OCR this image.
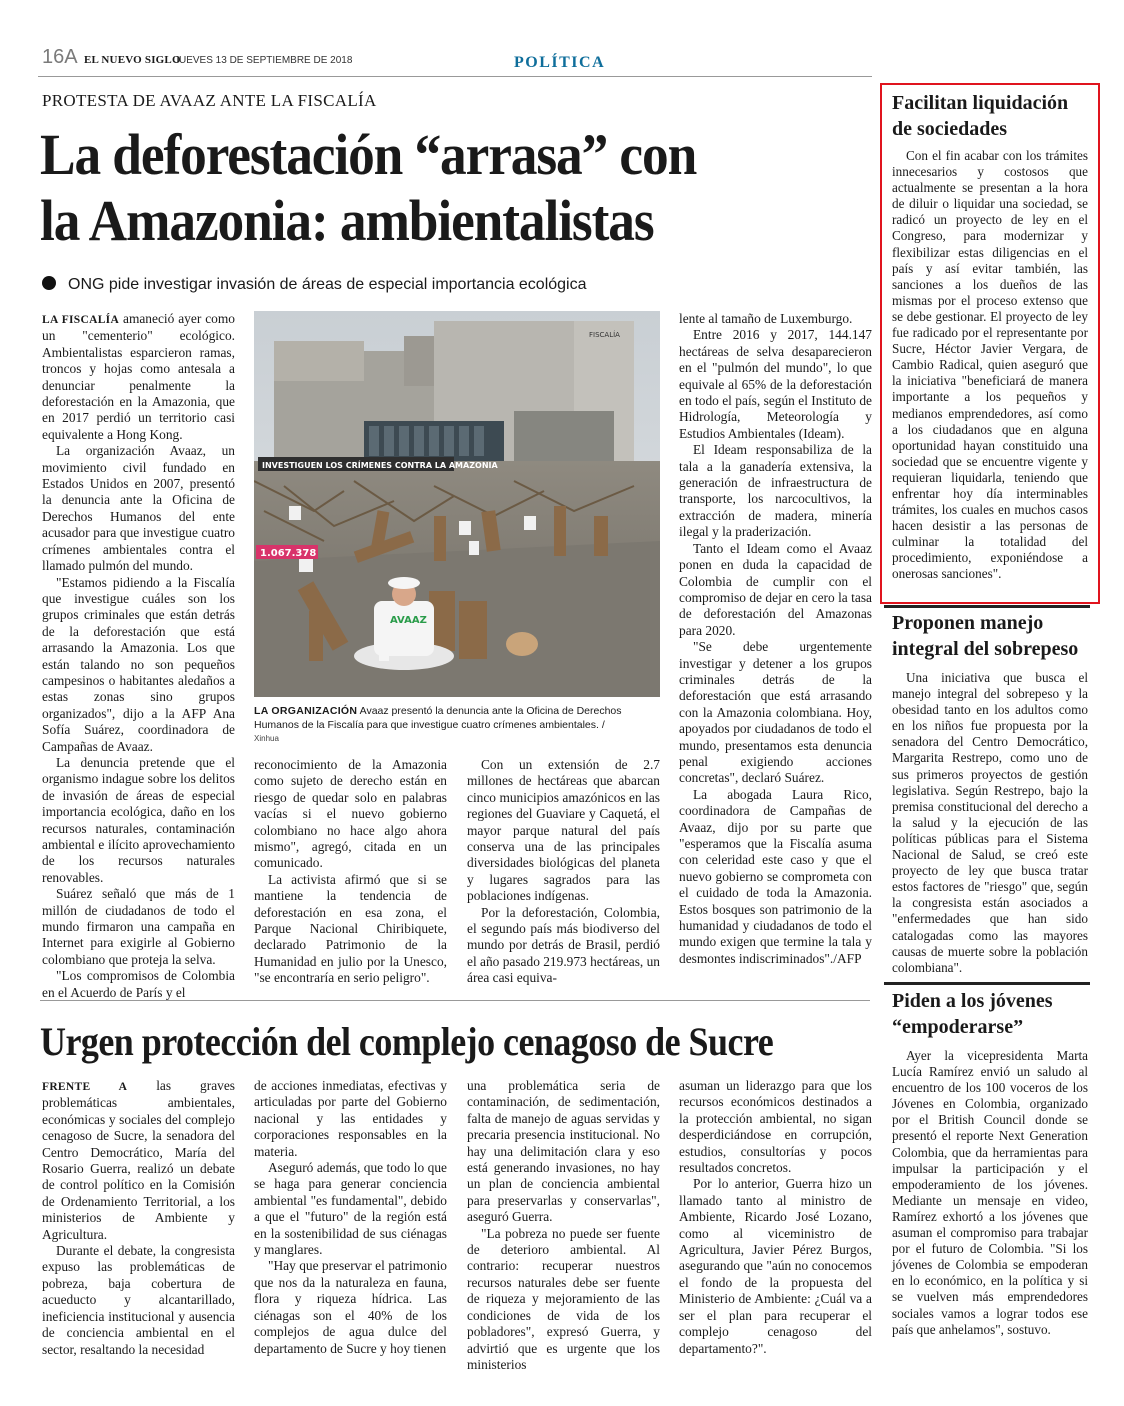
16A EL NUEVO SIGLO
JUEVES 13 DE SEPTIEMBRE DE 2018	POLÍTICA
PROTESTA DE AVAAZ ANTE LA FISCALÍA
La deforestación “arrasa” con
la Amazonia: ambientalistas
ONG pide investigar invasión de áreas de especial importancia ecológica

LA FISCALÍA amaneció ayer como un "cementerio" ecológico. Ambientalistas esparcieron ramas, troncos y hojas como antesala a denunciar penalmente la deforestación en la Amazonia, que en 2017 perdió un territorio casi equivalente a Hong Kong.

La organización Avaaz, un movimiento civil fundado en Estados Unidos en 2007, presentó la denuncia ante la Oficina de Derechos Humanos del ente acusador para que investigue cuatro crímenes ambientales contra el llamado pulmón del mundo.

"Estamos pidiendo a la Fiscalía que investigue cuáles son los grupos criminales que están detrás de la deforestación que está arrasando la Amazonia. Los que están talando no son pequeños campesinos o habitantes aledaños a estas zonas sino grupos organizados", dijo a la AFP Ana Sofía Suárez, coordinadora de Campañas de Avaaz.

La denuncia pretende que el organismo indague sobre los delitos de invasión de áreas de especial importancia ecológica, daño en los recursos naturales, contaminación ambiental e ilícito aprovechamiento de los recursos naturales renovables.

Suárez señaló que más de 1 millón de ciudadanos de todo el mundo firmaron una campaña en Internet para exigirle al Gobierno colombiano que proteja la selva.

"Los compromisos de Colombia en el Acuerdo de París y el

FISCALÍA
INVESTIGUEN LOS CRÍMENES CONTRA LA AMAZONIA
1.067.378
AVAAZ
LA ORGANIZACIÓN Avaaz presentó la denuncia ante la Oficina de Derechos Humanos de la Fiscalía para que investigue cuatro crímenes ambientales. /
Xinhua

reconocimiento de la Amazonia como sujeto de derecho están en riesgo de quedar solo en palabras vacías si el nuevo gobierno colombiano no hace algo ahora mismo", agregó, citada en un comunicado.

La activista afirmó que si se mantiene la tendencia de deforestación en esa zona, el Parque Nacional Chiribiquete, declarado Patrimonio de la Humanidad en julio por la Unesco, "se encontraría en serio peligro".

Con un extensión de 2.7 millones de hectáreas que abarcan cinco municipios amazónicos en las regiones del Guaviare y Caquetá, el mayor parque natural del país conserva una de las principales diversidades biológicas del planeta y lugares sagrados para las poblaciones indígenas.

Por la deforestación, Colombia, el segundo país más biodiverso del mundo por detrás de Brasil, perdió el año pasado 219.973 hectáreas, un área casi equiva-

lente al tamaño de Luxemburgo.

Entre 2016 y 2017, 144.147 hectáreas de selva desaparecieron en el "pulmón del mundo", lo que equivale al 65% de la deforestación en todo el país, según el Instituto de Hidrología, Meteorología y Estudios Ambientales (Ideam).

El Ideam responsabiliza de la tala a la ganadería extensiva, la generación de infraestructura de transporte, los narcocultivos, la extracción de madera, minería ilegal y la praderización.

Tanto el Ideam como el Avaaz ponen en duda la capacidad de Colombia de cumplir con el compromiso de dejar en cero la tasa de deforestación del Amazonas para 2020.

"Se debe urgentemente investigar y detener a los grupos criminales detrás de la deforestación que está arrasando con la Amazonia colombiana. Hoy, apoyados por ciudadanos de todo el mundo, presentamos esta denuncia penal exigiendo acciones concretas", declaró Suárez.

La abogada Laura Rico, coordinadora de Campañas de Avaaz, dijo por su parte que "esperamos que la Fiscalía asuma con celeridad este caso y que el nuevo gobierno se comprometa con el cuidado de toda la Amazonia. Estos bosques son patrimonio de la humanidad y ciudadanos de todo el mundo exigen que termine la tala y desmontes indiscriminados"./AFP

Urgen protección del complejo cenagoso de Sucre

FRENTE A las graves problemáticas ambientales, económicas y sociales del complejo cenagoso de Sucre, la senadora del Centro Democrático, María del Rosario Guerra, realizó un debate de control político en la Comisión de Ordenamiento Territorial, a los ministerios de Ambiente y Agricultura.

Durante el debate, la congresista expuso las problemáticas de pobreza, baja cobertura de acueducto y alcantarillado, ineficiencia institucional y ausencia de conciencia ambiental en el sector, resaltando la necesidad

de acciones inmediatas, efectivas y articuladas por parte del Gobierno nacional y las entidades y corporaciones responsables en la materia.

Aseguró además, que todo lo que se haga para generar conciencia ambiental "es fundamental", debido a que el "futuro" de la región está en la sostenibilidad de sus ciénagas y manglares.

"Hay que preservar el patrimonio que nos da la naturaleza en fauna, flora y riqueza hídrica. Las ciénagas son el 40% de los complejos de agua dulce del departamento de Sucre y hoy tienen

una problemática seria de contaminación, de sedimentación, falta de manejo de aguas servidas y precaria presencia institucional. No hay una delimitación clara y eso está generando invasiones, no hay un plan de conciencia ambiental para preservarlas y conservarlas", aseguró Guerra.

"La pobreza no puede ser fuente de deterioro ambiental. Al contrario: recuperar nuestros recursos naturales debe ser fuente de riqueza y mejoramiento de las condiciones de vida de los pobladores", expresó Guerra, y advirtió que es urgente que los ministerios

asuman un liderazgo para que los recursos económicos destinados a la protección ambiental, no sigan desperdiciándose en corrupción, estudios, consultorías y pocos resultados concretos.

Por lo anterior, Guerra hizo un llamado tanto al ministro de Ambiente, Ricardo José Lozano, como al viceministro de Agricultura, Javier Pérez Burgos, asegurando que "aún no conocemos el fondo de la propuesta del Ministerio de Ambiente: ¿Cuál va a ser el plan para recuperar el complejo cenagoso del departamento?".

Facilitan liquidación
de sociedades

Con el fin acabar con los trámites innecesarios y costosos que actualmente se presentan a la hora de diluir o liquidar una sociedad, se radicó un proyecto de ley en el Congreso, para modernizar y flexibilizar estas diligencias en el país y así evitar también, las sanciones a los dueños de las mismas por el proceso extenso que se debe gestionar. El proyecto de ley fue radicado por el representante por Sucre, Héctor Javier Vergara, de Cambio Radical, quien aseguró que la iniciativa "beneficiará de manera importante a los pequeños y medianos emprendedores, así como a los ciudadanos que en alguna oportunidad hayan constituido una sociedad que se encuentre vigente y requieran liquidarla, teniendo que enfrentar hoy día interminables trámites, los cuales en muchos casos hacen desistir a las personas de culminar la totalidad del procedimiento, exponiéndose a onerosas sanciones".

Proponen manejo
integral del sobrepeso

Una iniciativa que busca el manejo integral del sobrepeso y la obesidad tanto en los adultos como en los niños fue propuesta por la senadora del Centro Democrático, Margarita Restrepo, como uno de sus primeros proyectos de gestión legislativa. Según Restrepo, bajo la premisa constitucional del derecho a la salud y la ejecución de las políticas públicas para el Sistema Nacional de Salud, se creó este proyecto de ley que busca tratar estos factores de "riesgo" que, según la congresista están asociados a "enfermedades que han sido catalogadas como las mayores causas de muerte sobre la población colombiana".

Piden a los jóvenes
“empoderarse”

Ayer la vicepresidenta Marta Lucía Ramírez envió un saludo al encuentro de los 100 voceros de los Jóvenes en Colombia, organizado por el British Council donde se presentó el reporte Next Generation Colombia, que da herramientas para impulsar la participación y el empoderamiento de los jóvenes. Mediante un mensaje en video, Ramírez exhortó a los jóvenes que asuman el compromiso para trabajar por el futuro de Colombia. "Si los jóvenes de Colombia se empoderan en lo económico, en la política y si se vuelven más emprendedores sociales vamos a lograr todos ese país que anhelamos", sostuvo.
